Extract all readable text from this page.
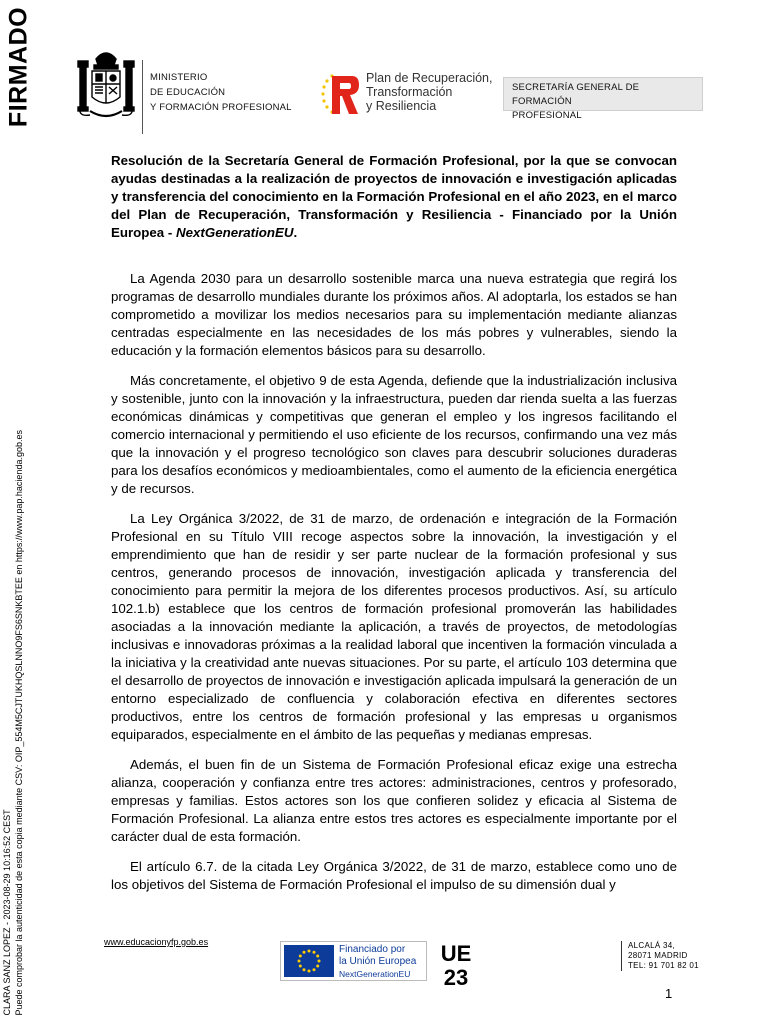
FIRMADO
CLARA SANZ LOPEZ - 2023-08-29 10:16:52 CEST Puede comprobar la autenticidad de esta copia mediante CSV: OIP_554M5CJTUKHQSLNNO9FS6SNKBTEE en https://www.pap.hacienda.gob.es
MINISTERIO
DE EDUCACIÓN
Y FORMACIÓN PROFESIONAL
Plan de Recuperación,
Transformación
y Resiliencia
SECRETARÍA GENERAL DE FORMACIÓN
PROFESIONAL
Resolución de la Secretaría General de Formación Profesional, por la que se convocan ayudas destinadas a la realización de proyectos de innovación e investigación aplicadas y transferencia del conocimiento en la Formación Profesional en el año 2023, en el marco del Plan de Recuperación, Transformación y Resiliencia - Financiado por la Unión Europea - NextGenerationEU.

La Agenda 2030 para un desarrollo sostenible marca una nueva estrategia que regirá los programas de desarrollo mundiales durante los próximos años. Al adoptarla, los estados se han comprometido a movilizar los medios necesarios para su implementación mediante alianzas centradas especialmente en las necesidades de los más pobres y vulnerables, siendo la educación y la formación elementos básicos para su desarrollo.

Más concretamente, el objetivo 9 de esta Agenda, defiende que la industrialización inclusiva y sostenible, junto con la innovación y la infraestructura, pueden dar rienda suelta a las fuerzas económicas dinámicas y competitivas que generan el empleo y los ingresos facilitando el comercio internacional y permitiendo el uso eficiente de los recursos, confirmando una vez más que la innovación y el progreso tecnológico son claves para descubrir soluciones duraderas para los desafíos económicos y medioambientales, como el aumento de la eficiencia energética y de recursos.

La Ley Orgánica 3/2022, de 31 de marzo, de ordenación e integración de la Formación Profesional en su Título VIII recoge aspectos sobre la innovación, la investigación y el emprendimiento que han de residir y ser parte nuclear de la formación profesional y sus centros, generando procesos de innovación, investigación aplicada y transferencia del conocimiento para permitir la mejora de los diferentes procesos productivos. Así, su artículo 102.1.b) establece que los centros de formación profesional promoverán las habilidades asociadas a la innovación mediante la aplicación, a través de proyectos, de metodologías inclusivas e innovadoras próximas a la realidad laboral que incentiven la formación vinculada a la iniciativa y la creatividad ante nuevas situaciones. Por su parte, el artículo 103 determina que el desarrollo de proyectos de innovación e investigación aplicada impulsará la generación de un entorno especializado de confluencia y colaboración efectiva en diferentes sectores productivos, entre los centros de formación profesional y las empresas u organismos equiparados, especialmente en el ámbito de las pequeñas y medianas empresas.

Además, el buen fin de un Sistema de Formación Profesional eficaz exige una estrecha alianza, cooperación y confianza entre tres actores: administraciones, centros y profesorado, empresas y familias. Estos actores son los que confieren solidez y eficacia al Sistema de Formación Profesional. La alianza entre estos tres actores es especialmente importante por el carácter dual de esta formación.

El artículo 6.7. de la citada Ley Orgánica 3/2022, de 31 de marzo, establece como uno de los objetivos del Sistema de Formación Profesional el impulso de su dimensión dual y

www.educacionyfp.gob.es
Financiado por
la Unión Europea
NextGenerationEU
UE
23
ALCALÁ 34,
28071 MADRID
TEL: 91 701 82 01
1
